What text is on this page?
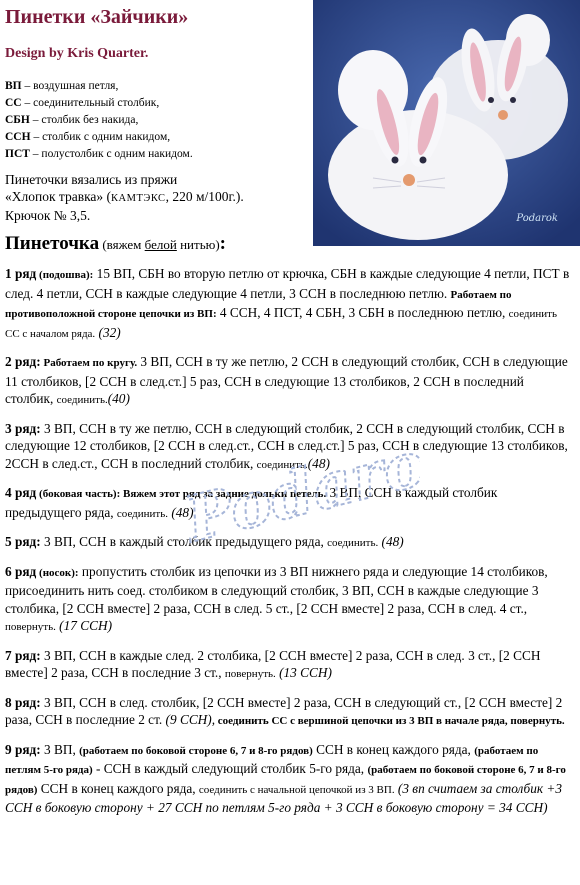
Пинетки «Зайчики»

Design by Kris Quarter.

ВП – воздушная петля,
СС – соединительный столбик,
СБН – столбик без накида,
ССН – столбик с одним накидом,
ПСТ – полустолбик с одним накидом.
Пинеточки вязались из пряжи
«Хлопок травка» (КАМТЭКС, 220 м/100г.).
Крючок № 3,5.	Podarok
Пинеточка (вяжем белой нитью):

1 ряд (подошва): 15 ВП, СБН во вторую петлю от крючка, СБН в каждые следующие 4 петли, ПСТ в след. 4 петли, ССН в каждые следующие 4 петли, 3 ССН в последнюю петлю. Работаем по противоположной стороне цепочки из ВП: 4 ССН, 4 ПСТ, 4 СБН, 3 СБН в последнюю петлю, соединить СС с началом ряда. (32)

2 ряд: Работаем по кругу. 3 ВП, ССН в ту же петлю, 2 ССН в следующий столбик, ССН в следующие 11 столбиков, [2 ССН в след.ст.] 5 раз, ССН в следующие 13 столбиков, 2 ССН в последний столбик, соединить.(40)

3 ряд: 3 ВП, ССН в ту же петлю, ССН в следующий столбик, 2 ССН в следующий столбик, ССН в следующие 12 столбиков, [2 ССН в след.ст., ССН в след.ст.] 5 раз, ССН в следующие 13 столбиков, 2ССН в след.ст., ССН в последний столбик, соединить.(48)

4 ряд (боковая часть): Вяжем этот ряд за задние дольки петель. 3 ВП, ССН в каждый столбик предыдущего ряда, соединить. (48)

5 ряд: 3 ВП, ССН в каждый столбик предыдущего ряда, соединить. (48)

6 ряд (носок): пропустить столбик из цепочки из 3 ВП нижнего ряда и следующие 14 столбиков, присоединить нить соед. столбиком в следующий столбик, 3 ВП, ССН в каждые следующие 3 столбика, [2 ССН вместе] 2 раза, ССН в след. 5 ст., [2 ССН вместе] 2 раза, ССН в след. 4 ст., повернуть. (17 ССН)

7 ряд: 3 ВП, ССН в каждые след. 2 столбика, [2 ССН вместе] 2 раза, ССН в след. 3 ст., [2 ССН вместе] 2 раза, ССН в последние 3 ст., повернуть. (13 ССН)

8 ряд: 3 ВП, ССН в след. столбик, [2 ССН вместе] 2 раза, ССН в следующий ст., [2 ССН вместе] 2 раза, ССН в последние 2 ст. (9 ССН), соединить СС с вершиной цепочки из 3 ВП в начале ряда, повернуть.

9 ряд: 3 ВП, (работаем по боковой стороне 6, 7 и 8-го рядов) ССН в конец каждого ряда, (работаем по петлям 5-го ряда) - ССН в каждый следующий столбик 5-го ряда, (работаем по боковой стороне 6, 7 и 8-го рядов) ССН в конец каждого ряда, соединить с начальной цепочкой из 3 ВП. (3 вп считаем за столбик +3 ССН в боковую сторону + 27 ССН по пeтлям 5-го ряда + 3 ССН в боковую сторону = 34 ССН)

Podarok
